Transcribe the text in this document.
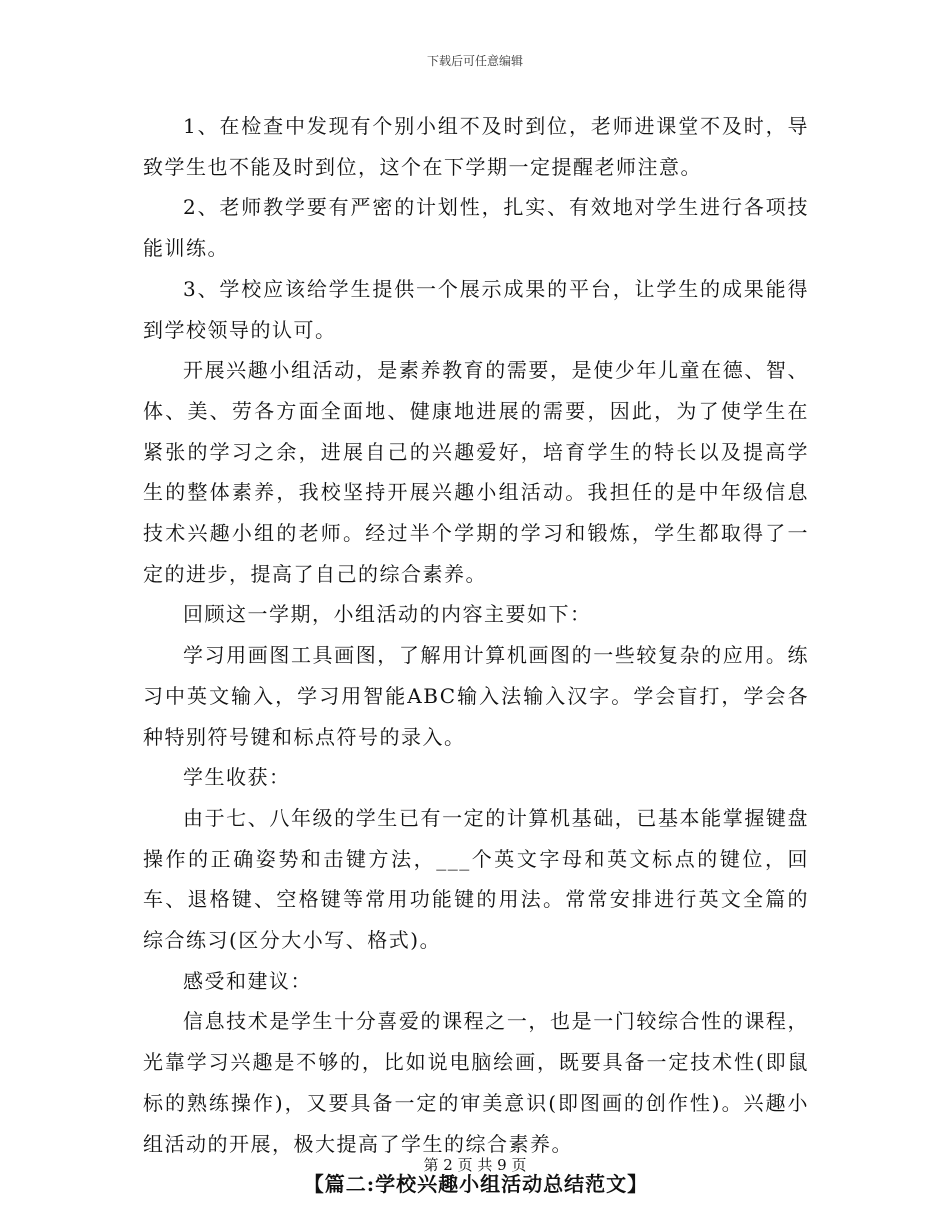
下载后可任意编辑

1、在检查中发现有个别小组不及时到位，老师进课堂不及时，导致学生也不能及时到位，这个在下学期一定提醒老师注意。

2、老师教学要有严密的计划性，扎实、有效地对学生进行各项技能训练。

3、学校应该给学生提供一个展示成果的平台，让学生的成果能得到学校领导的认可。

开展兴趣小组活动，是素养教育的需要，是使少年儿童在德、智、体、美、劳各方面全面地、健康地进展的需要，因此，为了使学生在紧张的学习之余，进展自己的兴趣爱好，培育学生的特长以及提高学生的整体素养，我校坚持开展兴趣小组活动。我担任的是中年级信息技术兴趣小组的老师。经过半个学期的学习和锻炼，学生都取得了一定的进步，提高了自己的综合素养。

回顾这一学期，小组活动的内容主要如下：

学习用画图工具画图，了解用计算机画图的一些较复杂的应用。练习中英文输入，学习用智能ABC输入法输入汉字。学会盲打，学会各种特别符号键和标点符号的录入。

学生收获：

由于七、八年级的学生已有一定的计算机基础，已基本能掌握键盘操作的正确姿势和击键方法，___个英文字母和英文标点的键位，回车、退格键、空格键等常用功能键的用法。常常安排进行英文全篇的综合练习(区分大小写、格式)。

感受和建议：

信息技术是学生十分喜爱的课程之一，也是一门较综合性的课程，光靠学习兴趣是不够的，比如说电脑绘画，既要具备一定技术性(即鼠标的熟练操作)，又要具备一定的审美意识(即图画的创作性)。兴趣小组活动的开展，极大提高了学生的综合素养。

【篇二:学校兴趣小组活动总结范文】

第 2 页 共 9 页
